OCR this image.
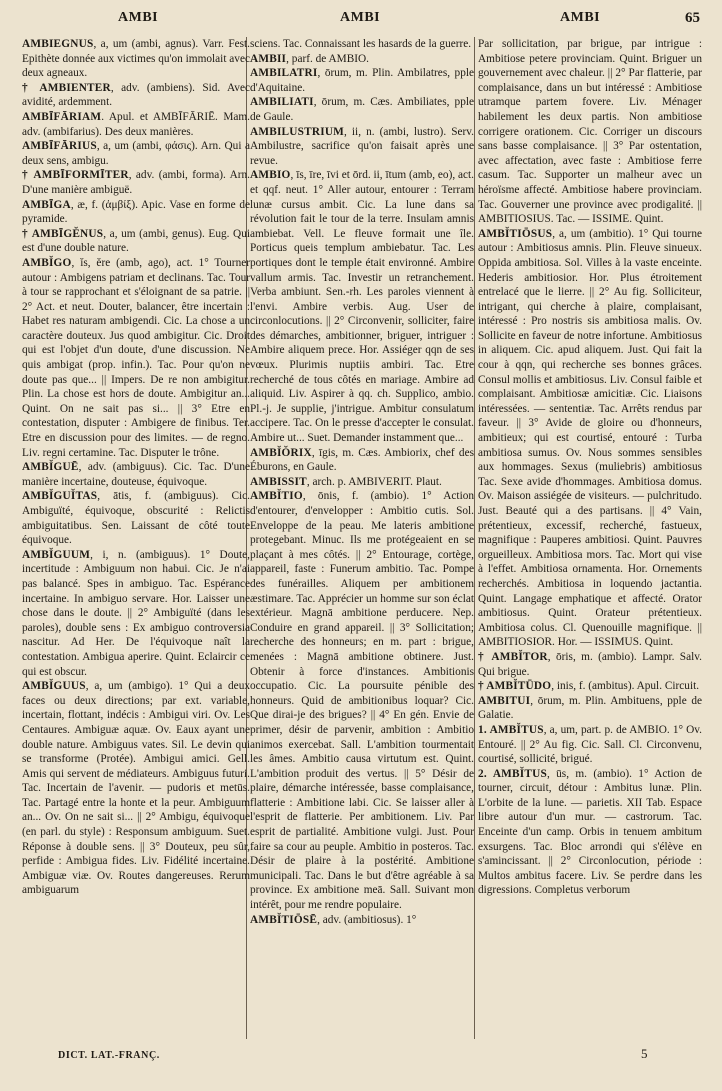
AMBI	AMBI	AMBI	65

AMBIEGNUS, a, um (ambi, agnus). Varr. Fest. Epithète donnée aux victimes qu'on immolait avec deux agneaux.

† AMBIENTER, adv. (ambiens). Sid. Avec avidité, ardemment.

AMBĪFĀRIAM. Apul. et AMBĪFĀRIĒ. Mam. adv. (ambifarius). Des deux manières.

AMBĪFĀRIUS, a, um (ambi, φάσις). Arn. Qui a deux sens, ambigu.

† AMBĪFORMĪTER, adv. (ambi, forma). Arn. D'une manière ambiguë.

AMBĪGA, æ, f. (ἀμβίξ). Apic. Vase en forme de pyramide.

† AMBĪGĔNUS, a, um (ambi, genus). Eug. Qui est d'une double nature.

AMBĬGO, ĭs, ĕre (amb, ago), act. 1° Tourner autour : Ambigens patriam et declinans. Tac. Tour à tour se rapprochant et s'éloignant de sa patrie. || 2° Act. et neut. Douter, balancer, être incertain : Habet res naturam ambigendi. Cic. La chose a un caractère douteux. Jus quod ambigitur. Cic. Droit qui est l'objet d'un doute, d'une discussion. Ne quis ambigat (prop. infin.). Tac. Pour qu'on ne doute pas que... || Impers. De re non ambigitur. Plin. La chose est hors de doute. Ambigitur an... Quint. On ne sait pas si... || 3° Etre en contestation, disputer : Ambigere de finibus. Ter. Etre en discussion pour des limites. — de regno. Liv. regni certamine. Tac. Disputer le trône.

AMBĬGUĒ, adv. (ambiguus). Cic. Tac. D'une manière incertaine, douteuse, équivoque.

AMBĬGUĬTAS, ātis, f. (ambiguus). Cic. Ambiguïté, équivoque, obscurité : Relictis ambiguitatibus. Sen. Laissant de côté toute équivoque.

AMBĬGUUM, i, n. (ambiguus). 1° Doute, incertitude : Ambiguum non habui. Cic. Je n'ai pas balancé. Spes in ambiguo. Tac. Espérance incertaine. In ambiguo servare. Hor. Laisser une chose dans le doute. || 2° Ambiguïté (dans les paroles), double sens : Ex ambiguo controversia nascitur. Ad Her. De l'équivoque naît la contestation. Ambigua aperire. Quint. Eclaircir ce qui est obscur.

AMBĬGUUS, a, um (ambigo). 1° Qui a deux faces ou deux directions; par ext. variable, incertain, flottant, indécis : Ambigui viri. Ov. Les Centaures. Ambiguæ aquæ. Ov. Eaux ayant une double nature. Ambiguus vates. Sil. Le devin qui se transforme (Protée). Ambigui amici. Gell. Amis qui servent de médiateurs. Ambiguus futuri. Tac. Incertain de l'avenir. — pudoris et metūs. Tac. Partagé entre la honte et la peur. Ambiguum an... Ov. On ne sait si... || 2° Ambigu, équivoque (en parl. du style) : Responsum ambiguum. Suet. Réponse à double sens. || 3° Douteux, peu sûr, perfide : Ambigua fides. Liv. Fidélité incertaine. Ambiguæ viæ. Ov. Routes dangereuses. Rerum ambiguarum

sciens. Tac. Connaissant les hasards de la guerre.

AMBII, parf. de AMBIO.

AMBILATRI, ōrum, m. Plin. Ambilatres, pple d'Aquitaine.

AMBILIATI, ōrum, m. Cæs. Ambiliates, pple de Gaule.

AMBILUSTRIUM, ii, n. (ambi, lustro). Serv. Ambilustre, sacrifice qu'on faisait après une revue.

AMBIO, īs, īre, īvi et ōrd. ii, ītum (amb, eo), act. et qqf. neut. 1° Aller autour, entourer : Terram lunæ cursus ambit. Cic. La lune dans sa révolution fait le tour de la terre. Insulam amnis ambiebat. Vell. Le fleuve formait une île. Porticus queis templum ambiebatur. Tac. Les portiques dont le temple était environné. Ambire vallum armis. Tac. Investir un retranchement. Verba ambiunt. Sen.-rh. Les paroles viennent à l'envi. Ambire verbis. Aug. User de circonlocutions. || 2° Circonvenir, solliciter, faire des démarches, ambitionner, briguer, intriguer : Ambire aliquem prece. Hor. Assiéger qqn de ses vœux. Plurimis nuptiis ambiri. Tac. Etre recherché de tous côtés en mariage. Ambire ad aliquid. Liv. Aspirer à qq. ch. Supplico, ambio. Pl.-j. Je supplie, j'intrigue. Ambitur consulatum accipere. Tac. On le presse d'accepter le consulat. Ambire ut... Suet. Demander instamment que...

AMBĬŎRIX, īgis, m. Cæs. Ambiorix, chef des Éburons, en Gaule.

AMBISSIT, arch. p. AMBIVERIT. Plaut.

AMBĬTIO, ōnis, f. (ambio). 1° Action d'entourer, d'envelopper : Ambitio cutis. Sol. Enveloppe de la peau. Me lateris ambitione protegebant. Minuc. Ils me protégeaient en se plaçant à mes côtés. || 2° Entourage, cortège, appareil, faste : Funerum ambitio. Tac. Pompe des funérailles. Aliquem per ambitionem æstimare. Tac. Apprécier un homme sur son éclat extérieur. Magnā ambitione perducere. Nep. Conduire en grand appareil. || 3° Sollicitation; recherche des honneurs; en m. part : brigue, menées : Magnā ambitione obtinere. Just. Obtenir à force d'instances. Ambitionis occupatio. Cic. La poursuite pénible des honneurs. Quid de ambitionibus loquar? Cic. Que dirai-je des brigues? || 4° En gén. Envie de primer, désir de parvenir, ambition : Ambitio animos exercebat. Sall. L'ambition tourmentait les âmes. Ambitio causa virtutum est. Quint. L'ambition produit des vertus. || 5° Désir de plaire, démarche intéressée, basse complaisance, flatterie : Ambitione labi. Cic. Se laisser aller à l'esprit de flatterie. Per ambitionem. Liv. Par esprit de partialité. Ambitione vulgi. Just. Pour faire sa cour au peuple. Ambitio in posteros. Tac. Désir de plaire à la postérité. Ambitione municipali. Tac. Dans le but d'être agréable à sa province. Ex ambitione meā. Sall. Suivant mon intérêt, pour me rendre populaire.

AMBĬTIŌSĒ, adv. (ambitiosus). 1°

Par sollicitation, par brigue, par intrigue : Ambitiose petere provinciam. Quint. Briguer un gouvernement avec chaleur. || 2° Par flatterie, par complaisance, dans un but intéressé : Ambitiose utramque partem fovere. Liv. Ménager habilement les deux partis. Non ambitiose corrigere orationem. Cic. Corriger un discours sans basse complaisance. || 3° Par ostentation, avec affectation, avec faste : Ambitiose ferre casum. Tac. Supporter un malheur avec un héroïsme affecté. Ambitiose habere provinciam. Tac. Gouverner une province avec prodigalité. || AMBITIOSIUS. Tac. — ISSIME. Quint.

AMBĬTIŌSUS, a, um (ambitio). 1° Qui tourne autour : Ambitiosus amnis. Plin. Fleuve sinueux. Oppida ambitiosa. Sol. Villes à la vaste enceinte. Hederis ambitiosior. Hor. Plus étroitement entrelacé que le lierre. || 2° Au fig. Solliciteur, intrigant, qui cherche à plaire, complaisant, intéressé : Pro nostris sis ambitiosa malis. Ov. Sollicite en faveur de notre infortune. Ambitiosus in aliquem. Cic. apud aliquem. Just. Qui fait la cour à qqn, qui recherche ses bonnes grâces. Consul mollis et ambitiosus. Liv. Consul faible et complaisant. Ambitiosæ amicitiæ. Cic. Liaisons intéressées. — sententiæ. Tac. Arrêts rendus par faveur. || 3° Avide de gloire ou d'honneurs, ambitieux; qui est courtisé, entouré : Turba ambitiosa sumus. Ov. Nous sommes sensibles aux hommages. Sexus (muliebris) ambitiosus Tac. Sexe avide d'hommages. Ambitiosa domus. Ov. Maison assiégée de visiteurs. — pulchritudo. Just. Beauté qui a des partisans. || 4° Vain, prétentieux, excessif, recherché, fastueux, magnifique : Pauperes ambitiosi. Quint. Pauvres orgueilleux. Ambitiosa mors. Tac. Mort qui vise à l'effet. Ambitiosa ornamenta. Hor. Ornements recherchés. Ambitiosa in loquendo jactantia. Quint. Langage emphatique et affecté. Orator ambitiosus. Quint. Orateur prétentieux. Ambitiosa colus. Cl. Quenouille magnifique. || AMBITIOSIOR. Hor. — ISSIMUS. Quint.

† AMBĬTOR, ōris, m. (ambio). Lampr. Salv. Qui brigue.

† AMBĬTŪDO, inis, f. (ambitus). Apul. Circuit.

AMBITUI, ōrum, m. Plin. Ambituens, pple de Galatie.

1. AMBĬTUS, a, um, part. p. de AMBIO. 1° Ov. Entouré. || 2° Au fig. Cic. Sall. Cl. Circonvenu, courtisé, sollicité, brigué.

2. AMBĬTUS, ūs, m. (ambio). 1° Action de tourner, circuit, détour : Ambitus lunæ. Plin. L'orbite de la lune. — parietis. XII Tab. Espace libre autour d'un mur. — castrorum. Tac. Enceinte d'un camp. Orbis in tenuem ambitum exsurgens. Tac. Bloc arrondi qui s'élève en s'amincissant. || 2° Circonlocution, période : Multos ambitus facere. Liv. Se perdre dans les digressions. Completus verborum

DICT. LAT.-FRANÇ.	5
